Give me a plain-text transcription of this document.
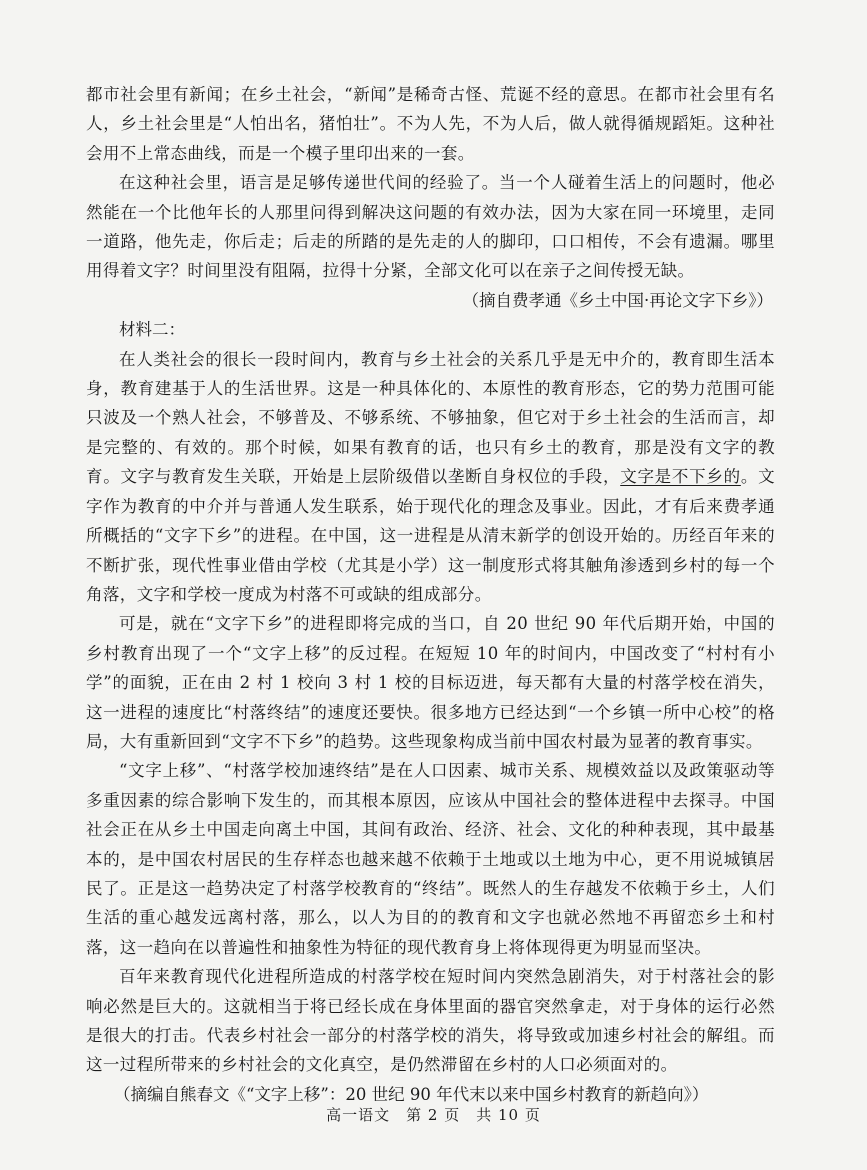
都市社会里有新闻；在乡土社会，“新闻”是稀奇古怪、荒诞不经的意思。在都市社会里有名人，乡土社会里是“人怕出名，猪怕壮”。不为人先，不为人后，做人就得循规蹈矩。这种社会用不上常态曲线，而是一个模子里印出来的一套。

在这种社会里，语言是足够传递世代间的经验了。当一个人碰着生活上的问题时，他必然能在一个比他年长的人那里问得到解决这问题的有效办法，因为大家在同一环境里，走同一道路，他先走，你后走；后走的所踏的是先走的人的脚印，口口相传，不会有遗漏。哪里用得着文字？时间里没有阻隔，拉得十分紧，全部文化可以在亲子之间传授无缺。

（摘自费孝通《乡土中国·再论文字下乡》）

材料二：

在人类社会的很长一段时间内，教育与乡土社会的关系几乎是无中介的，教育即生活本身，教育建基于人的生活世界。这是一种具体化的、本原性的教育形态，它的势力范围可能只波及一个熟人社会，不够普及、不够系统、不够抽象，但它对于乡土社会的生活而言，却是完整的、有效的。那个时候，如果有教育的话，也只有乡土的教育，那是没有文字的教育。文字与教育发生关联，开始是上层阶级借以垄断自身权位的手段，文字是不下乡的。文字作为教育的中介并与普通人发生联系，始于现代化的理念及事业。因此，才有后来费孝通所概括的“文字下乡”的进程。在中国，这一进程是从清末新学的创设开始的。历经百年来的不断扩张，现代性事业借由学校（尤其是小学）这一制度形式将其触角渗透到乡村的每一个角落，文字和学校一度成为村落不可或缺的组成部分。

可是，就在“文字下乡”的进程即将完成的当口，自 20 世纪 90 年代后期开始，中国的乡村教育出现了一个“文字上移”的反过程。在短短 10 年的时间内，中国改变了“村村有小学”的面貌，正在由 2 村 1 校向 3 村 1 校的目标迈进，每天都有大量的村落学校在消失，这一进程的速度比“村落终结”的速度还要快。很多地方已经达到“一个乡镇一所中心校”的格局，大有重新回到“文字不下乡”的趋势。这些现象构成当前中国农村最为显著的教育事实。

“文字上移”、“村落学校加速终结”是在人口因素、城市关系、规模效益以及政策驱动等多重因素的综合影响下发生的，而其根本原因，应该从中国社会的整体进程中去探寻。中国社会正在从乡土中国走向离土中国，其间有政治、经济、社会、文化的种种表现，其中最基本的，是中国农村居民的生存样态也越来越不依赖于土地或以土地为中心，更不用说城镇居民了。正是这一趋势决定了村落学校教育的“终结”。既然人的生存越发不依赖于乡土，人们生活的重心越发远离村落，那么，以人为目的的教育和文字也就必然地不再留恋乡土和村落，这一趋向在以普遍性和抽象性为特征的现代教育身上将体现得更为明显而坚决。

百年来教育现代化进程所造成的村落学校在短时间内突然急剧消失，对于村落社会的影响必然是巨大的。这就相当于将已经长成在身体里面的器官突然拿走，对于身体的运行必然是很大的打击。代表乡村社会一部分的村落学校的消失，将导致或加速乡村社会的解组。而这一过程所带来的乡村社会的文化真空，是仍然滞留在乡村的人口必须面对的。

（摘编自熊春文《“文字上移”：20 世纪 90 年代末以来中国乡村教育的新趋向》）

高一语文　第 2 页　共 10 页
